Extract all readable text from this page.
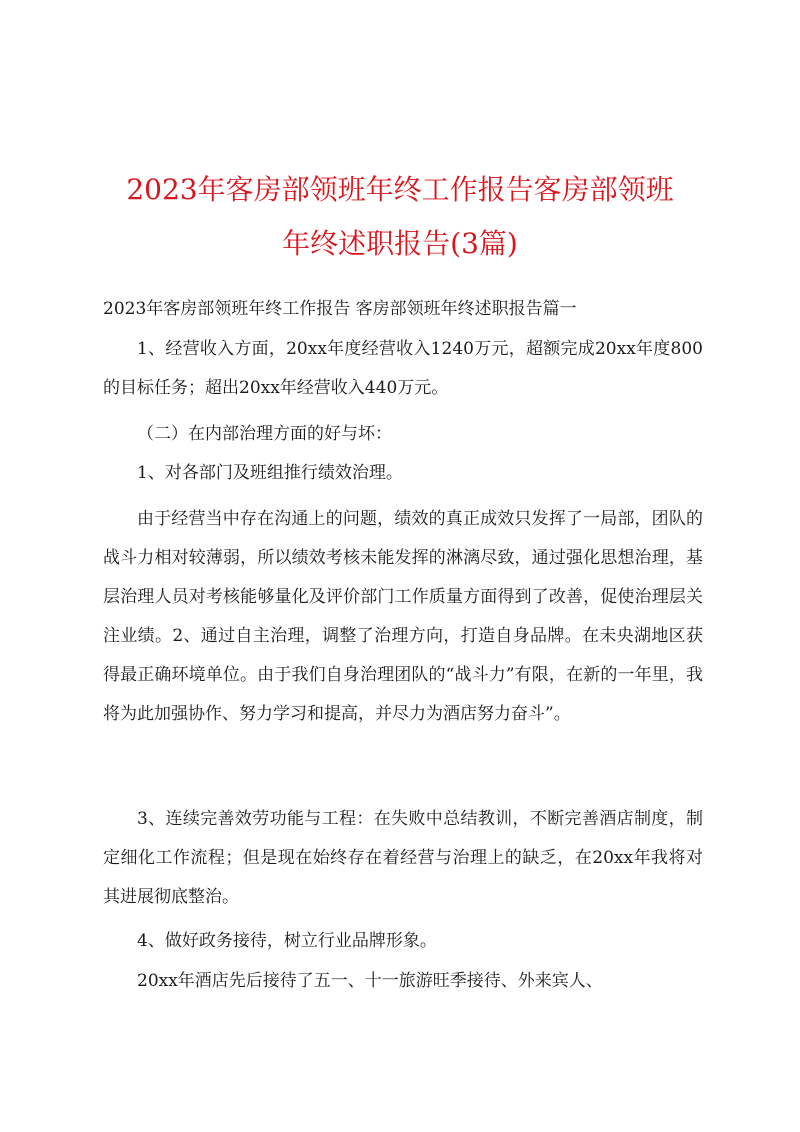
2023年客房部领班年终工作报告客房部领班
年终述职报告(3篇)

2023年客房部领班年终工作报告 客房部领班年终述职报告篇一

1、经营收入方面，20xx年度经营收入1240万元，超额完成20xx年度800的目标任务；超出20xx年经营收入440万元。

（二）在内部治理方面的好与坏：

1、对各部门及班组推行绩效治理。

由于经营当中存在沟通上的问题，绩效的真正成效只发挥了一局部，团队的战斗力相对较薄弱，所以绩效考核未能发挥的淋漓尽致，通过强化思想治理，基层治理人员对考核能够量化及评价部门工作质量方面得到了改善，促使治理层关注业绩。2、通过自主治理，调整了治理方向，打造自身品牌。在未央湖地区获得最正确环境单位。由于我们自身治理团队的“战斗力”有限，在新的一年里，我将为此加强协作、努力学习和提高，并尽力为酒店努力奋斗”。

3、连续完善效劳功能与工程：在失败中总结教训，不断完善酒店制度，制定细化工作流程；但是现在始终存在着经营与治理上的缺乏，在20xx年我将对其进展彻底整治。

4、做好政务接待，树立行业品牌形象。

20xx年酒店先后接待了五一、十一旅游旺季接待、外来宾人、
